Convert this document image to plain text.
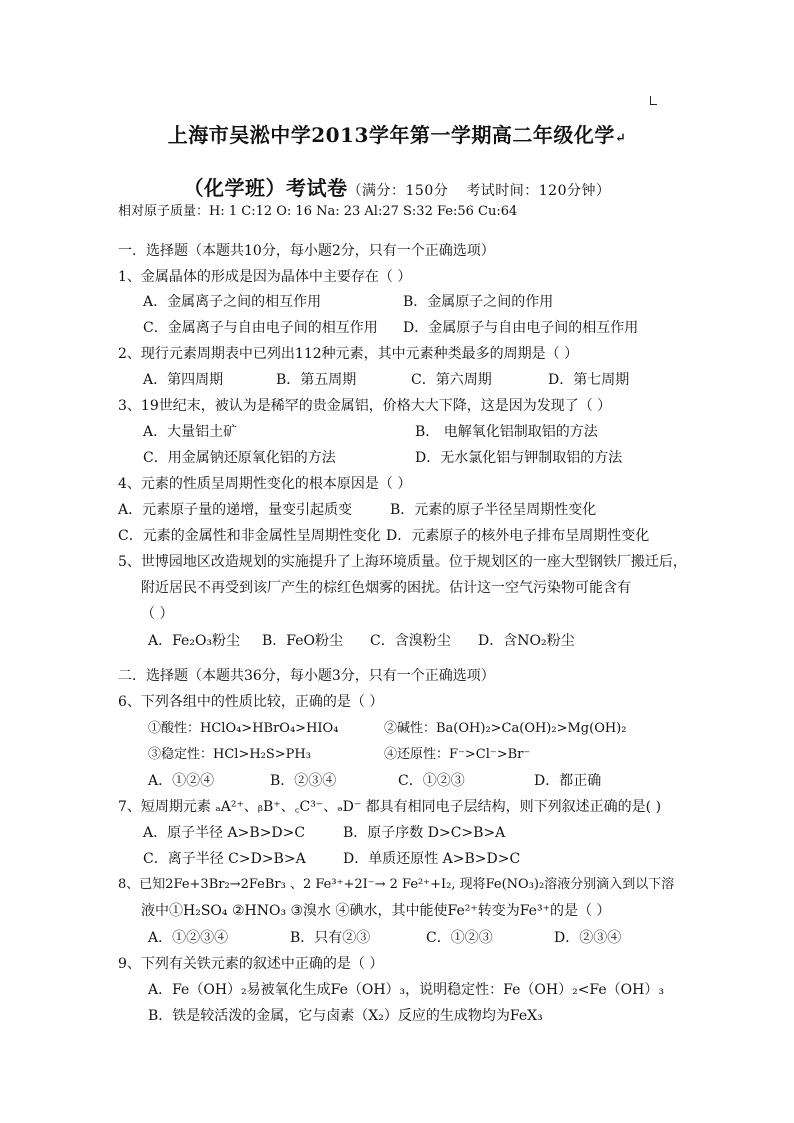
上海市吴淞中学2013学年第一学期高二年级化学↵
（化学班）考试卷（满分：150分 考试时间：120分钟）
相对原子质量：H: 1 C:12 O: 16 Na: 23 Al:27 S:32 Fe:56 Cu:64
一．选择题（本题共10分，每小题2分，只有一个正确选项）
1、金属晶体的形成是因为晶体中主要存在（ ）
A．金属离子之间的相互作用	B．金属原子之间的作用
C．金属离子与自由电子间的相互作用 D．金属原子与自由电子间的相互作用
2、现行元素周期表中已列出112种元素，其中元素种类最多的周期是（ ）
A．第四周期	B．第五周期	C．第六周期	D．第七周期
3、19世纪末，被认为是稀罕的贵金属铝，价格大大下降，这是因为发现了（ ）
A．大量铝土矿	B． 电解氧化铝制取铝的方法
C．用金属钠还原氧化铝的方法	D．无水氯化铝与钾制取铝的方法
4、元素的性质呈周期性变化的根本原因是（ ）
A．元素原子量的递增，量变引起质变	B．元素的原子半径呈周期性变化
C．元素的金属性和非金属性呈周期性变化 D．元素原子的核外电子排布呈周期性变化
5、世博园地区改造规划的实施提升了上海环境质量。位于规划区的一座大型钢铁厂搬迁后，
附近居民不再受到该厂产生的棕红色烟雾的困扰。估计这一空气污染物可能含有
（ ）
A．Fe₂O₃粉尘 B．FeO粉尘 C．含溴粉尘 D．含NO₂粉尘
二．选择题（本题共36分，每小题3分，只有一个正确选项）
6、下列各组中的性质比较，正确的是（ ）
①酸性：HClO₄>HBrO₄>HIO₄	②碱性：Ba(OH)₂>Ca(OH)₂>Mg(OH)₂
③稳定性：HCl>H₂S>PH₃	④还原性：F⁻>Cl⁻>Br⁻
A．①②④	B．②③④	C．①②③	D．都正确
7、短周期元素 ₐA²⁺、ᵦB⁺、꜀C³⁻、ₔD⁻ 都具有相同电子层结构，则下列叙述正确的是( )
A．原子半径 A>B>D>C	B．原子序数 D>C>B>A
C．离子半径 C>D>B>A	D．单质还原性 A>B>D>C
8、已知2Fe+3Br₂→2FeBr₃ 、2 Fe³⁺+2I⁻→ 2 Fe²⁺+I₂, 现将Fe(NO₃)₂溶液分别滴入到以下溶
液中①H₂SO₄ ②HNO₃ ③溴水 ④碘水，其中能使Fe²⁺转变为Fe³⁺的是（ ）
A．①②③④	B．只有②③	C．①②③	D．②③④
9、下列有关铁元素的叙述中正确的是（ ）
A．Fe（OH）₂易被氧化生成Fe（OH）₃，说明稳定性：Fe（OH）₂<Fe（OH）₃
B．铁是较活泼的金属，它与卤素（X₂）反应的生成物均为FeX₃
